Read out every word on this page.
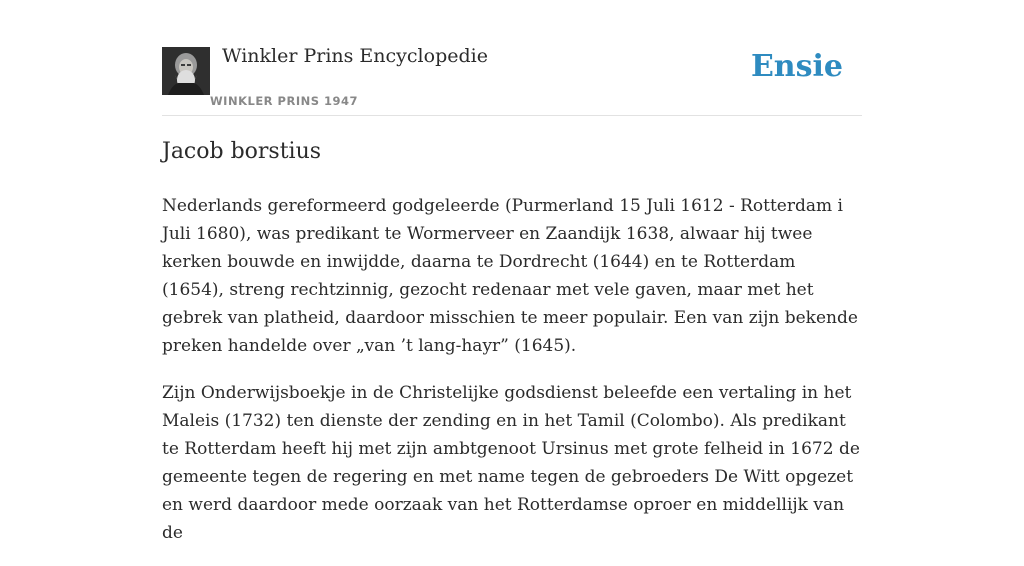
Winkler Prins Encyclopedie
WINKLER PRINS 1947
Ensie
Jacob borstius

Nederlands gereformeerd godgeleerde (Purmerland 15 Juli 1612 - Rotterdam i Juli 1680), was predikant te Wormerveer en Zaandijk 1638, alwaar hij twee kerken bouwde en inwijdde, daarna te Dordrecht (1644) en te Rotterdam (1654), streng rechtzinnig, gezocht redenaar met vele gaven, maar met het gebrek van platheid, daardoor misschien te meer populair. Een van zijn bekende preken handelde over „van ’t lang-hayr” (1645).

Zijn Onderwijsboekje in de Christelijke godsdienst beleefde een vertaling in het Maleis (1732) ten dienste der zending en in het Tamil (Colombo). Als predikant te Rotterdam heeft hij met zijn ambtgenoot Ursinus met grote felheid in 1672 de gemeente tegen de regering en met name tegen de gebroeders De Witt opgezet en werd daardoor mede oorzaak van het Rotterdamse oproer en middellijk van de
